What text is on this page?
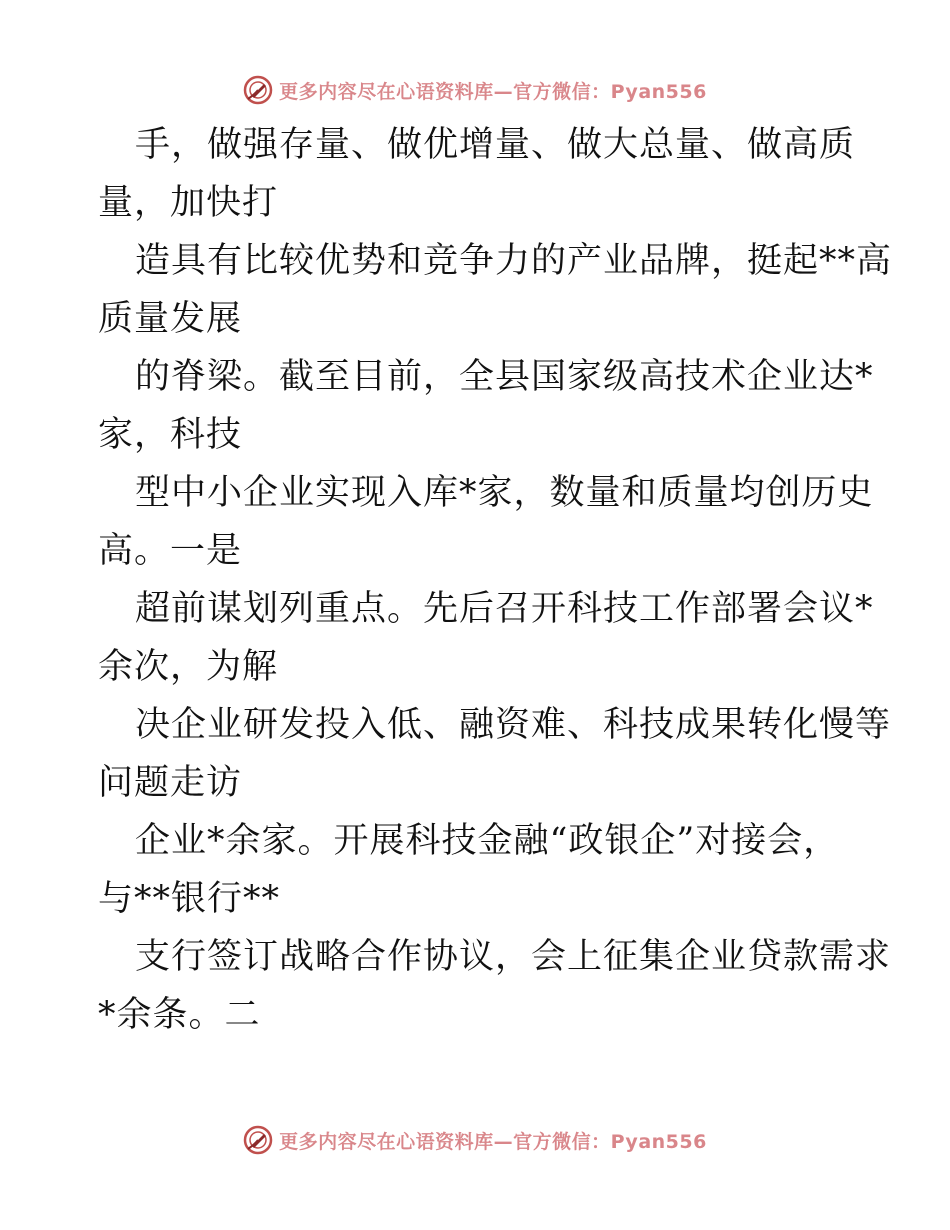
更多内容尽在心语资料库—官方微信：Pyan556
手，做强存量、做优增量、做大总量、做高质
量，加快打
造具有比较优势和竞争力的产业品牌，挺起**高
质量发展
的脊梁。截至目前，全县国家级高技术企业达*
家，科技
型中小企业实现入库*家，数量和质量均创历史
高。一是
超前谋划列重点。先后召开科技工作部署会议*
余次，为解
决企业研发投入低、融资难、科技成果转化慢等
问题走访
企业*余家。开展科技金融“政银企”对接会，
与**银行**
支行签订战略合作协议，会上征集企业贷款需求
*余条。二
更多内容尽在心语资料库—官方微信：Pyan556
